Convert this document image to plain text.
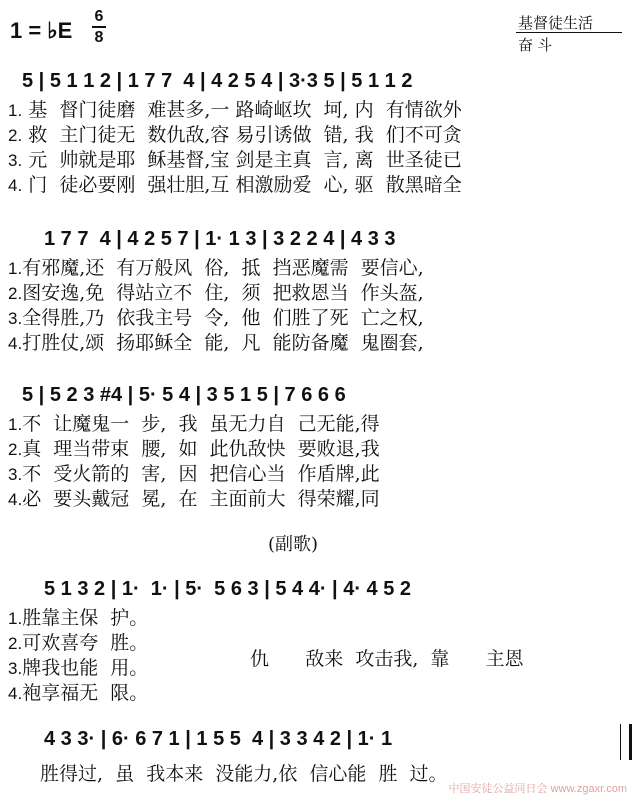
1 = ♭E
6
8
基督徒生活
奋 斗
5 | 5 1 1 2 | 1 7 7  4 | 4 2 5 4 | 3·3 5 | 5 1 1 2
1. 基  督门徒磨  难甚多,一 路崎岖坎  坷, 内  有情欲外
2. 救  主门徒无  数仇敌,容 易引诱做  错, 我  们不可贪
3. 元  帅就是耶  稣基督,宝 剑是主真  言, 离  世圣徒已
4. 门  徒必要刚  强壮胆,互 相激励爱  心, 驱  散黑暗全
1 7 7  4 | 4 2 5 7 | 1· 1 3 | 3 2 2 4 | 4 3 3
1.有邪魔,还  有万般风  俗,  抵  挡恶魔需  要信心,
2.图安逸,免  得站立不  住,  须  把救恩当  作头盔,
3.全得胜,乃  依我主号  令,  他  们胜了死  亡之权,
4.打胜仗,颂  扬耶稣全  能,  凡  能防备魔  鬼圈套,
5 | 5 2 3 #4 | 5· 5 4 | 3 5 1 5 | 7 6 6 6
1.不  让魔鬼一  步,  我  虽无力自  己无能,得
2.真  理当带束  腰,  如  此仇敌快  要败退,我
3.不  受火箭的  害,  因  把信心当  作盾牌,此
4.必  要头戴冠  冕,  在  主面前大  得荣耀,同
(副歌)
5 1 3 2 | 1·  1· | 5·  5 6 3 | 5 4 4· | 4· 4 5 2
1.胜靠主保  护。
2.可欢喜夸  胜。
3.牌我也能  用。
4.袍享福无  限。
仇      敌来  攻击我,  靠      主恩
4 3 3· | 6· 6 7 1 | 1 5 5  4 | 3 3 4 2 | 1· 1
胜得过,  虽  我本来  没能力,依  信心能  胜  过。
中国安徒公益同日会 www.zgaxr.com
